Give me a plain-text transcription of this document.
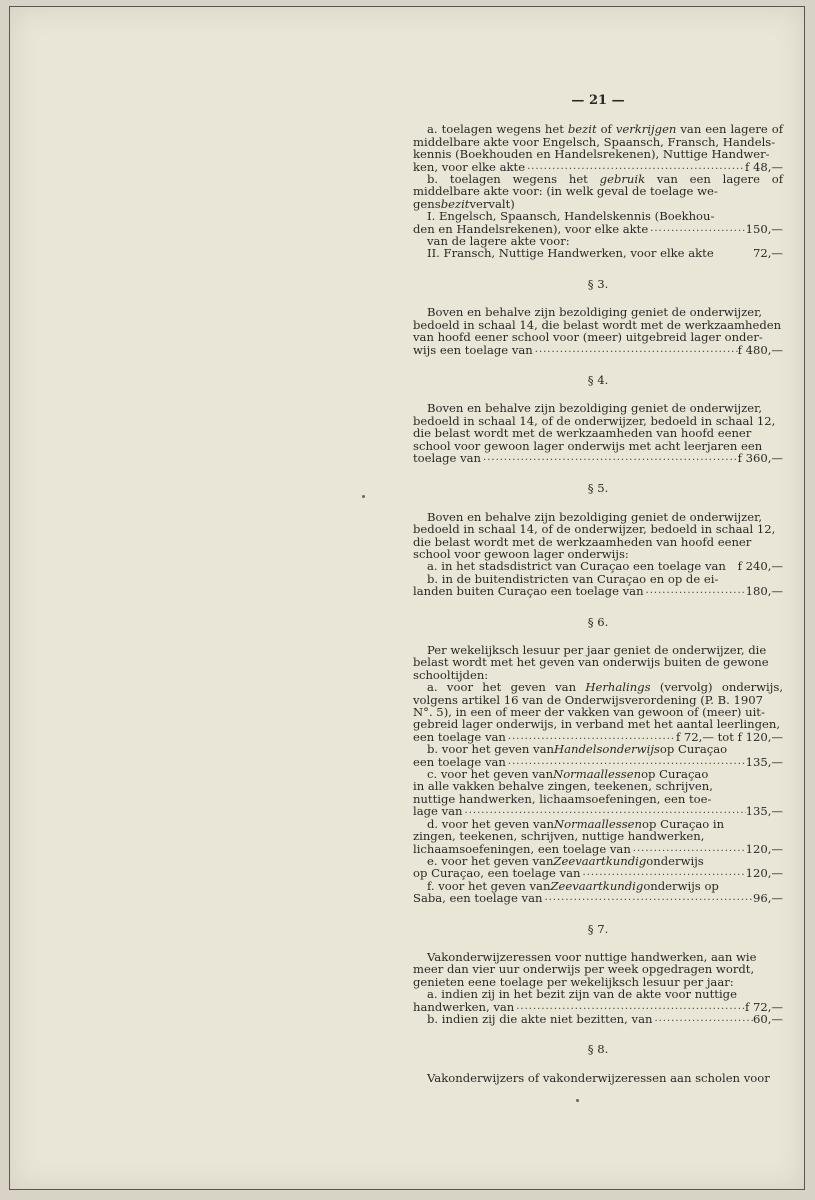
— 21 —
a. toelagen wegens het bezit of verkrijgen van een lagere of
middelbare akte voor Engelsch, Spaansch, Fransch, Handels-
kennis (Boekhouden en Handelsrekenen), Nuttige Handwer-
ken, voor elke akte .....	f 48,—
b. toelagen wegens het gebruik van een lagere of
middelbare akte voor: (in welk geval de toelage we-
gens bezit vervalt)
I. Engelsch, Spaansch, Handelskennis (Boekhou-
den en Handelsrekenen), voor elke akte .....	150,—
van de lagere akte voor:
II. Fransch, Nuttige Handwerken, voor elke akte	72,—
§ 3.
Boven en behalve zijn bezoldiging geniet de onderwijzer,
bedoeld in schaal 14, die belast wordt met de werkzaamheden
van hoofd eener school voor (meer) uitgebreid lager onder-
wijs een toelage van .....	f 480,—
§ 4.
Boven en behalve zijn bezoldiging geniet de onderwijzer,
bedoeld in schaal 14, of de onderwijzer, bedoeld in schaal 12,
die belast wordt met de werkzaamheden van hoofd eener
school voor gewoon lager onderwijs met acht leerjaren een
toelage van .....	f 360,—
§ 5.
Boven en behalve zijn bezoldiging geniet de onderwijzer,
bedoeld in schaal 14, of de onderwijzer, bedoeld in schaal 12,
die belast wordt met de werkzaamheden van hoofd eener
school voor gewoon lager onderwijs:
a. in het stadsdistrict van Curaçao een toelage van f 240,—
b. in de buitendistricten van Curaçao en op de ei-
landen buiten Curaçao een toelage van .....	180,—
§ 6.
Per wekelijksch lesuur per jaar geniet de onderwijzer, die
belast wordt met het geven van onderwijs buiten de gewone
schooltijden:
a. voor het geven van Herhalings (vervolg) onderwijs,
volgens artikel 16 van de Onderwijsverordening (P. B. 1907
N°. 5), in een of meer der vakken van gewoon of (meer) uit-
gebreid lager onderwijs, in verband met het aantal leerlingen,
een toelage van .....	f 72,— tot f 120,—
b. voor het geven van Handelsonderwijs op Curaçao
een toelage van .....	135,—
c. voor het geven van Normaallessen op Curaçao
in alle vakken behalve zingen, teekenen, schrijven,
nuttige handwerken, lichaamsoefeningen, een toe-
lage van .....	135,—
d. voor het geven van Normaallessen op Curaçao in
zingen, teekenen, schrijven, nuttige handwerken,
lichaamsoefeningen, een toelage van .....	120,—
e. voor het geven van Zeevaartkundig onderwijs
op Curaçao, een toelage van .....	120,—
f. voor het geven van Zeevaartkundig onderwijs op
Saba, een toelage van .....	96,—
§ 7.
Vakonderwijzeressen voor nuttige handwerken, aan wie
meer dan vier uur onderwijs per week opgedragen wordt,
genieten eene toelage per wekelijksch lesuur per jaar:
a. indien zij in het bezit zijn van de akte voor nuttige
handwerken, van .....	f 72,—
b. indien zij die akte niet bezitten, van .....	60,—
§ 8.
Vakonderwijzers of vakonderwijzeressen aan scholen voor
